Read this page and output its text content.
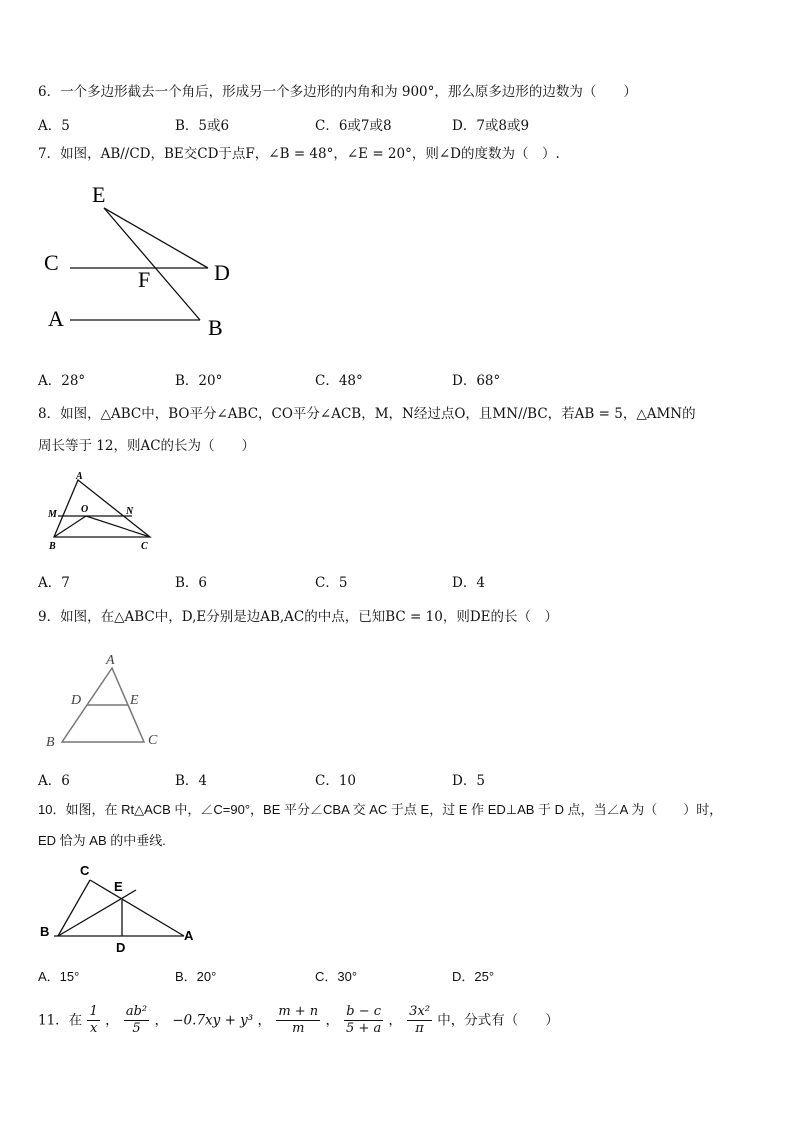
6．一个多边形截去一个角后，形成另一个多边形的内角和为 900°，那么原多边形的边数为（　　）
A．5	B．5或6	C．6或7或8	D．7或8或9
7．如图，AB//CD，BE交CD于点F，∠B = 48°，∠E = 20°，则∠D的度数为（　）.
E
C
F	D
A	B
A．28°	B．20°	C．48°	D．68°
8．如图，△ABC中，BO平分∠ABC，CO平分∠ACB，M，N经过点O，且MN//BC，若AB = 5，△AMN的
周长等于 12，则AC的长为（　　）
A
M O	N
B	C
A．7	B．6	C．5	D．4
9．如图，在△ABC中，D,E分别是边AB,AC的中点，已知BC = 10，则DE的长（　）
A
D	E
B	C
A．6	B．4	C．10	D．5
10．如图，在 Rt△ACB 中，∠C=90°，BE 平分∠CBA 交 AC 于点 E，过 E 作 ED⊥AB 于 D 点，当∠A 为（　　）时，
ED 恰为 AB 的中垂线.
C
E
B
D
A
A．15°	B．20°	C．30°	D．25°
11．在 $\frac{1}{x}$ ， $\frac{\text{ab²}}{5}$ ， −0.7xy + y³ ， $\frac{m + n}{m}$ ， $\frac{b - c}{5 + a}$ ， $\frac{\text{3x²}}{\pi}$ 中，分式有（　　）
